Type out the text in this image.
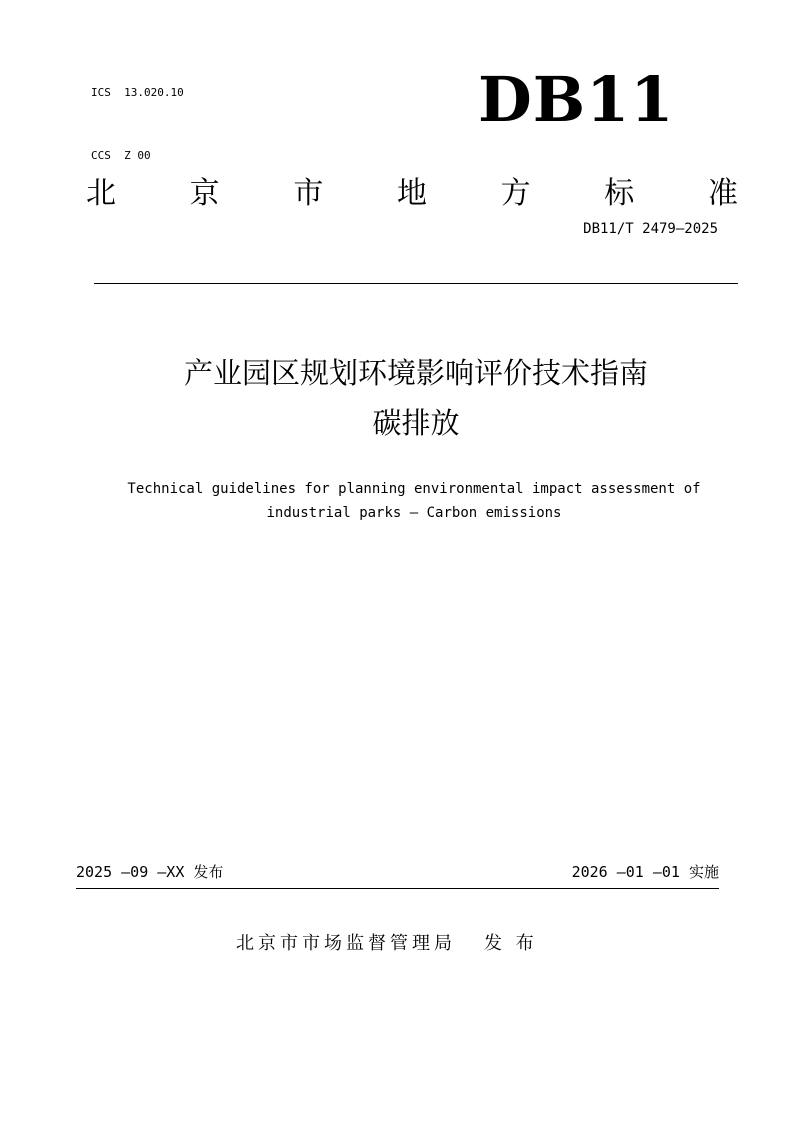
ICS  13.020.10

CCS  Z 00

DB11
北 京 市 地 方 标 准
DB11/T 2479—2025
产业园区规划环境影响评价技术指南
碳排放
Technical guidelines for planning environmental impact assessment of
industrial parks — Carbon emissions
2025 —09 —XX 发布	2026 —01 —01 实施
北京市市场监督管理局 发 布
